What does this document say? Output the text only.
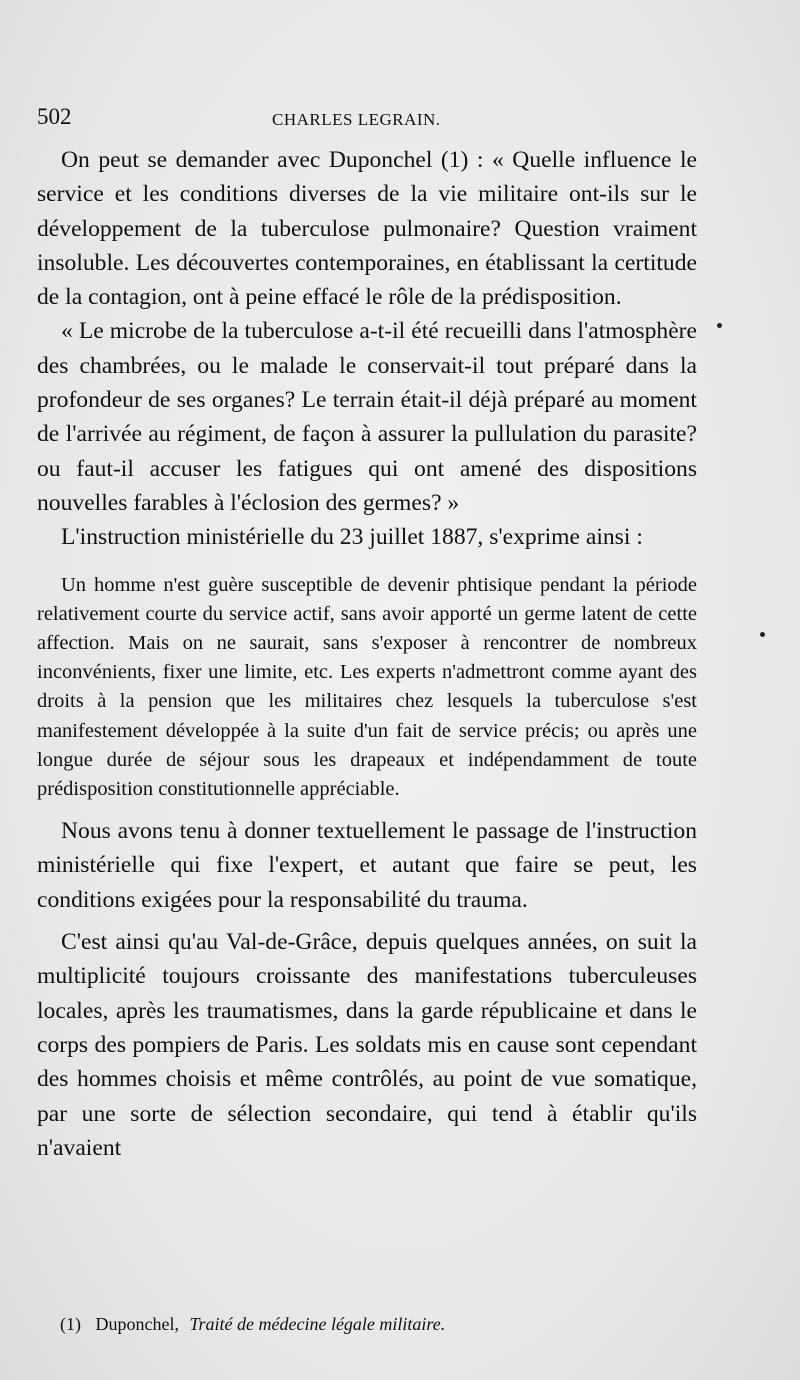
502	CHARLES LEGRAIN.

On peut se demander avec Duponchel (1) : « Quelle influence le service et les conditions diverses de la vie militaire ont-ils sur le développement de la tuberculose pulmonaire? Question vraiment insoluble. Les découvertes contemporaines, en établissant la certitude de la contagion, ont à peine effacé le rôle de la prédisposition.

« Le microbe de la tuberculose a-t-il été recueilli dans l'atmosphère des chambrées, ou le malade le conservait-il tout préparé dans la profondeur de ses organes? Le terrain était-il déjà préparé au moment de l'arrivée au régiment, de façon à assurer la pullulation du parasite? ou faut-il accuser les fatigues qui ont amené des dispositions nouvelles farables à l'éclosion des germes? »

L'instruction ministérielle du 23 juillet 1887, s'exprime ainsi :

Un homme n'est guère susceptible de devenir phtisique pendant la période relativement courte du service actif, sans avoir apporté un germe latent de cette affection. Mais on ne saurait, sans s'exposer à rencontrer de nombreux inconvénients, fixer une limite, etc. Les experts n'admettront comme ayant des droits à la pension que les militaires chez lesquels la tuberculose s'est manifestement développée à la suite d'un fait de service précis; ou après une longue durée de séjour sous les drapeaux et indépendamment de toute prédisposition constitutionnelle appréciable.

Nous avons tenu à donner textuellement le passage de l'instruction ministérielle qui fixe l'expert, et autant que faire se peut, les conditions exigées pour la responsabilité du trauma.

C'est ainsi qu'au Val-de-Grâce, depuis quelques années, on suit la multiplicité toujours croissante des manifestations tuberculeuses locales, après les traumatismes, dans la garde républicaine et dans le corps des pompiers de Paris. Les soldats mis en cause sont cependant des hommes choisis et même contrôlés, au point de vue somatique, par une sorte de sélection secondaire, qui tend à établir qu'ils n'avaient

(1) Duponchel, Traité de médecine légale militaire.
